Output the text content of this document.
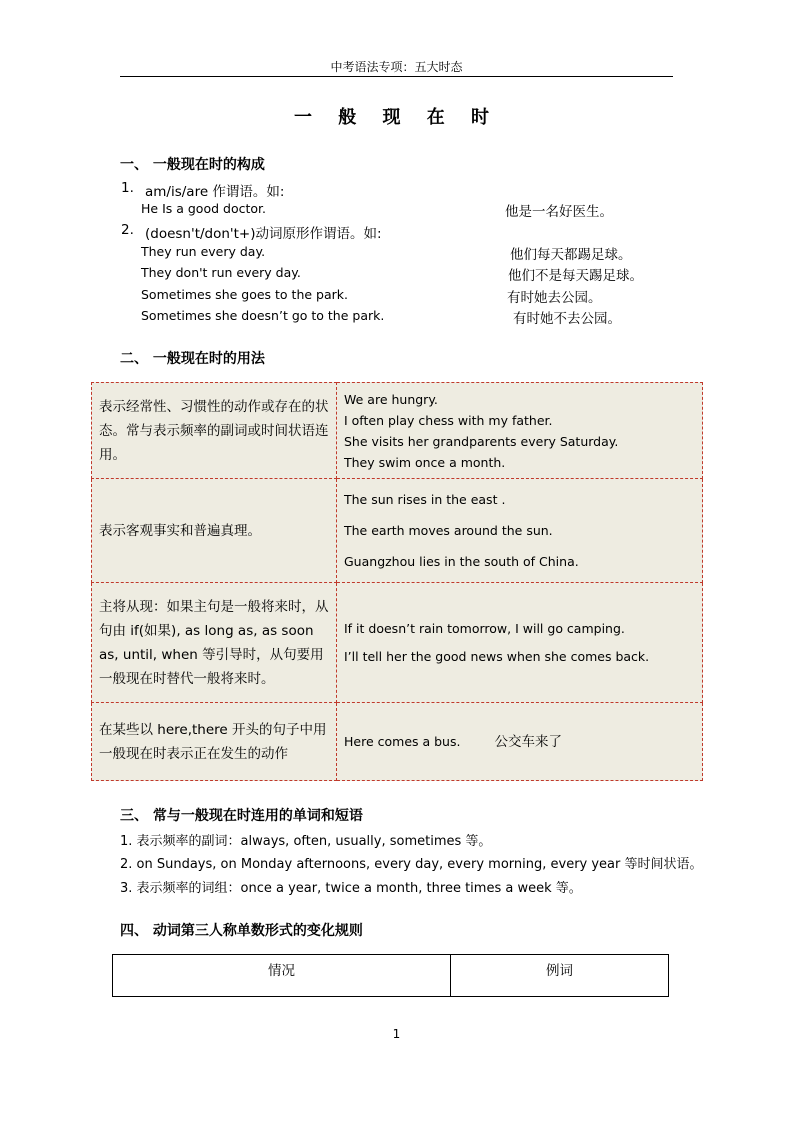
中考语法专项：五大时态
一 般 现 在 时
一、 一般现在时的构成
1. am/is/are 作谓语。如:
He Is a good doctor.	他是一名好医生。
2. (doesn't/don't+)动词原形作谓语。如:
They run every day.	他们每天都踢足球。
They don't run every day.	他们不是每天踢足球。
Sometimes she goes to the park.	有时她去公园。
Sometimes she doesn’t go to the park.	有时她不去公园。
二、 一般现在时的用法
表示经常性、习惯性的动作或存在的状态。常与表示频率的副词或时间状语连用。	We are hungry.
I often play chess with my father.
She visits her grandparents every Saturday.
They swim once a month.

表示客观事实和普遍真理。	The sun rises in the east .
The earth moves around the sun.
Guangzhou lies in the south of China.

主将从现：如果主句是一般将来时，从句由 if(如果), as long as, as soon as, until, when 等引导时，从句要用一般现在时替代一般将来时。	If it doesn’t rain tomorrow, I will go camping.
I’ll tell her the good news when she comes back.

在某些以 here,there 开头的句子中用一般现在时表示正在发生的动作	Here comes a bus. 公交车来了
三、 常与一般现在时连用的单词和短语
1. 表示频率的副词：always, often, usually, sometimes 等。
2. on Sundays, on Monday afternoons, every day, every morning, every year 等时间状语。
3. 表示频率的词组：once a year, twice a month, three times a week 等。
四、 动词第三人称单数形式的变化规则
情况	例词
1
